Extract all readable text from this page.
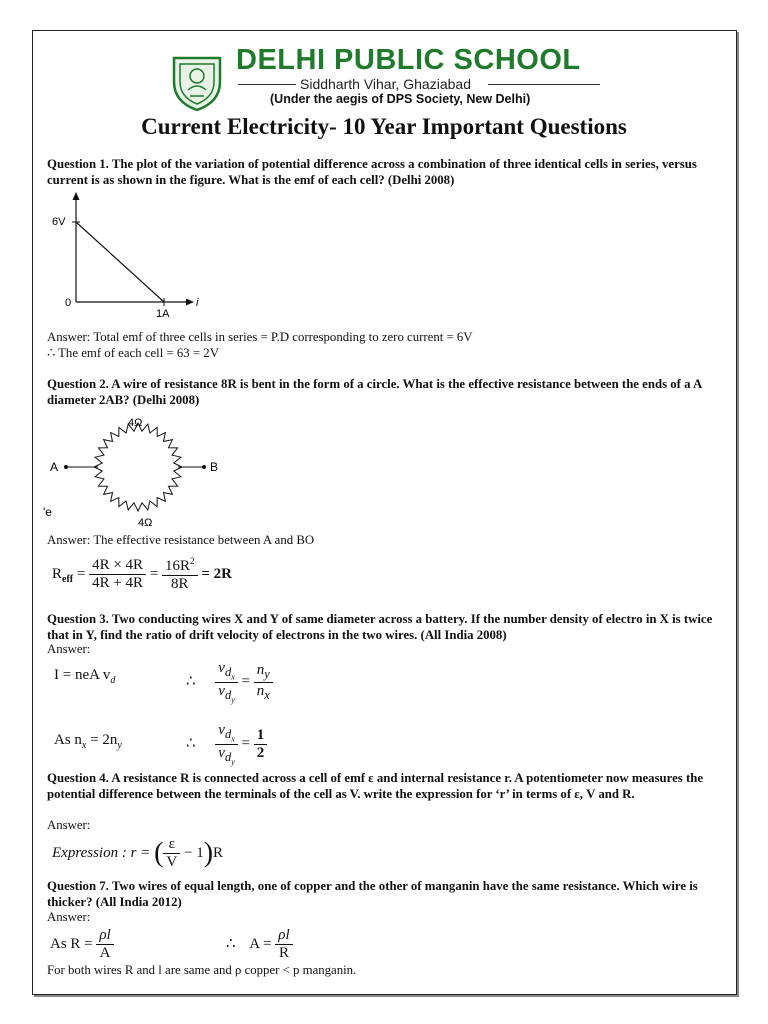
DELHI PUBLIC SCHOOL
Siddharth Vihar, Ghaziabad
(Under the aegis of DPS Society, New Delhi)
Current Electricity- 10 Year Important Questions
Question 1. The plot of the variation of potential difference across a combination of three identical cells in series, versus current is as shown in the figure. What is the emf of each cell? (Delhi 2008)
6V
0
1A
i
Answer: Total emf of three cells in series = P.D corresponding to zero current = 6V
∴ The emf of each cell = 63 = 2V
Question 2. A wire of resistance 8R is bent in the form of a circle. What is the effective resistance between the ends of a A diameter 2AB? (Delhi 2008)
A	B
4Ω
4Ω
'e
Answer: The effective resistance between A and BO
$R_{eff} = \frac{4R \times 4R}{4R + 4R} = \frac{16R^2}{8R} = 2R$
Question 3. Two conducting wires X and Y of same diameter across a battery. If the number density of electro in X is twice that in Y, find the ratio of drift velocity of electrons in the two wires. (All India 2008)
Answer:
I = neA $v_d$	∴ $\frac{v_{d_x}}{v_{d_y}} = \frac{n_y}{n_x}$
As $n_x = 2n_y$	∴ $\frac{v_{d_x}}{v_{d_y}} = \frac{1}{2}$
Question 4. A resistance R is connected across a cell of emf ε and internal resistance r. A potentiometer now measures the potential difference between the terminals of the cell as V. write the expression for ‘r’ in terms of ε, V and R.
Answer:
Expression : r = ( $\frac{\varepsilon}{V} - 1)R$
Question 7. Two wires of equal length, one of copper and the other of manganin have the same resistance. Which wire is thicker? (All India 2012)
Answer:
As $R = \frac{\rho l}{A}$	∴ $A = \frac{\rho l}{R}$
For both wires R and l are same and ρ copper < p manganin.
